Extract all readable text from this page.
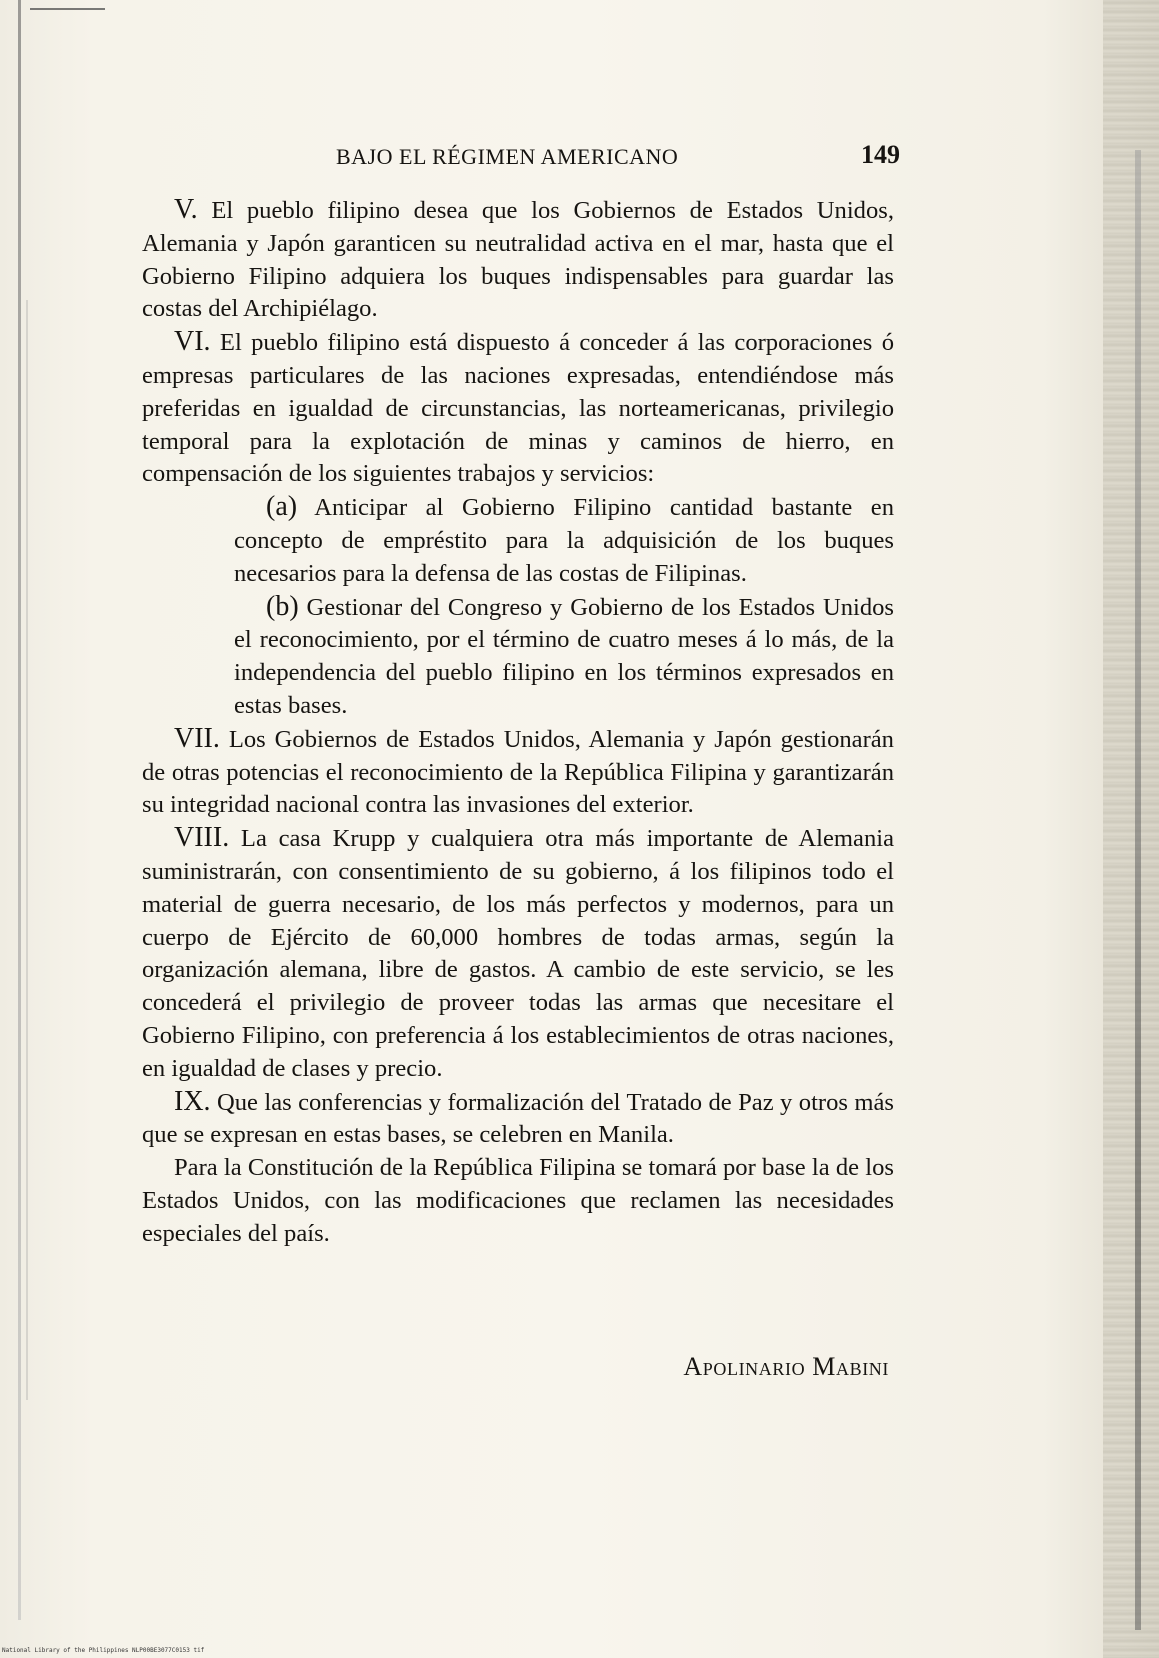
BAJO EL RÉGIMEN AMERICANO	149

V. El pueblo filipino desea que los Gobiernos de Estados Unidos, Alemania y Japón garanticen su neutralidad activa en el mar, hasta que el Gobierno Filipino adquiera los buques indispensables para guardar las costas del Archipiélago.

VI. El pueblo filipino está dispuesto á conceder á las corporaciones ó empresas particulares de las naciones expresadas, entendiéndose más preferidas en igualdad de circunstancias, las norteamericanas, privilegio temporal para la explotación de minas y caminos de hierro, en compensación de los siguientes trabajos y servicios:

(a) Anticipar al Gobierno Filipino cantidad bastante en concepto de empréstito para la adquisición de los buques necesarios para la defensa de las costas de Filipinas.

(b) Gestionar del Congreso y Gobierno de los Estados Unidos el reconocimiento, por el término de cuatro meses á lo más, de la independencia del pueblo filipino en los términos expresados en estas bases.

VII. Los Gobiernos de Estados Unidos, Alemania y Japón gestionarán de otras potencias el reconocimiento de la República Filipina y garantizarán su integridad nacional contra las invasiones del exterior.

VIII. La casa Krupp y cualquiera otra más importante de Alemania suministrarán, con consentimiento de su gobierno, á los filipinos todo el material de guerra necesario, de los más perfectos y modernos, para un cuerpo de Ejército de 60,000 hombres de todas armas, según la organización alemana, libre de gastos. A cambio de este servicio, se les concederá el privilegio de proveer todas las armas que necesitare el Gobierno Filipino, con preferencia á los establecimientos de otras naciones, en igualdad de clases y precio.

IX. Que las conferencias y formalización del Tratado de Paz y otros más que se expresan en estas bases, se celebren en Manila.

Para la Constitución de la República Filipina se tomará por base la de los Estados Unidos, con las modificaciones que reclamen las necesidades especiales del país.

Apolinario Mabini
National Library of the Philippines NLP00BE3077C0153 tif
